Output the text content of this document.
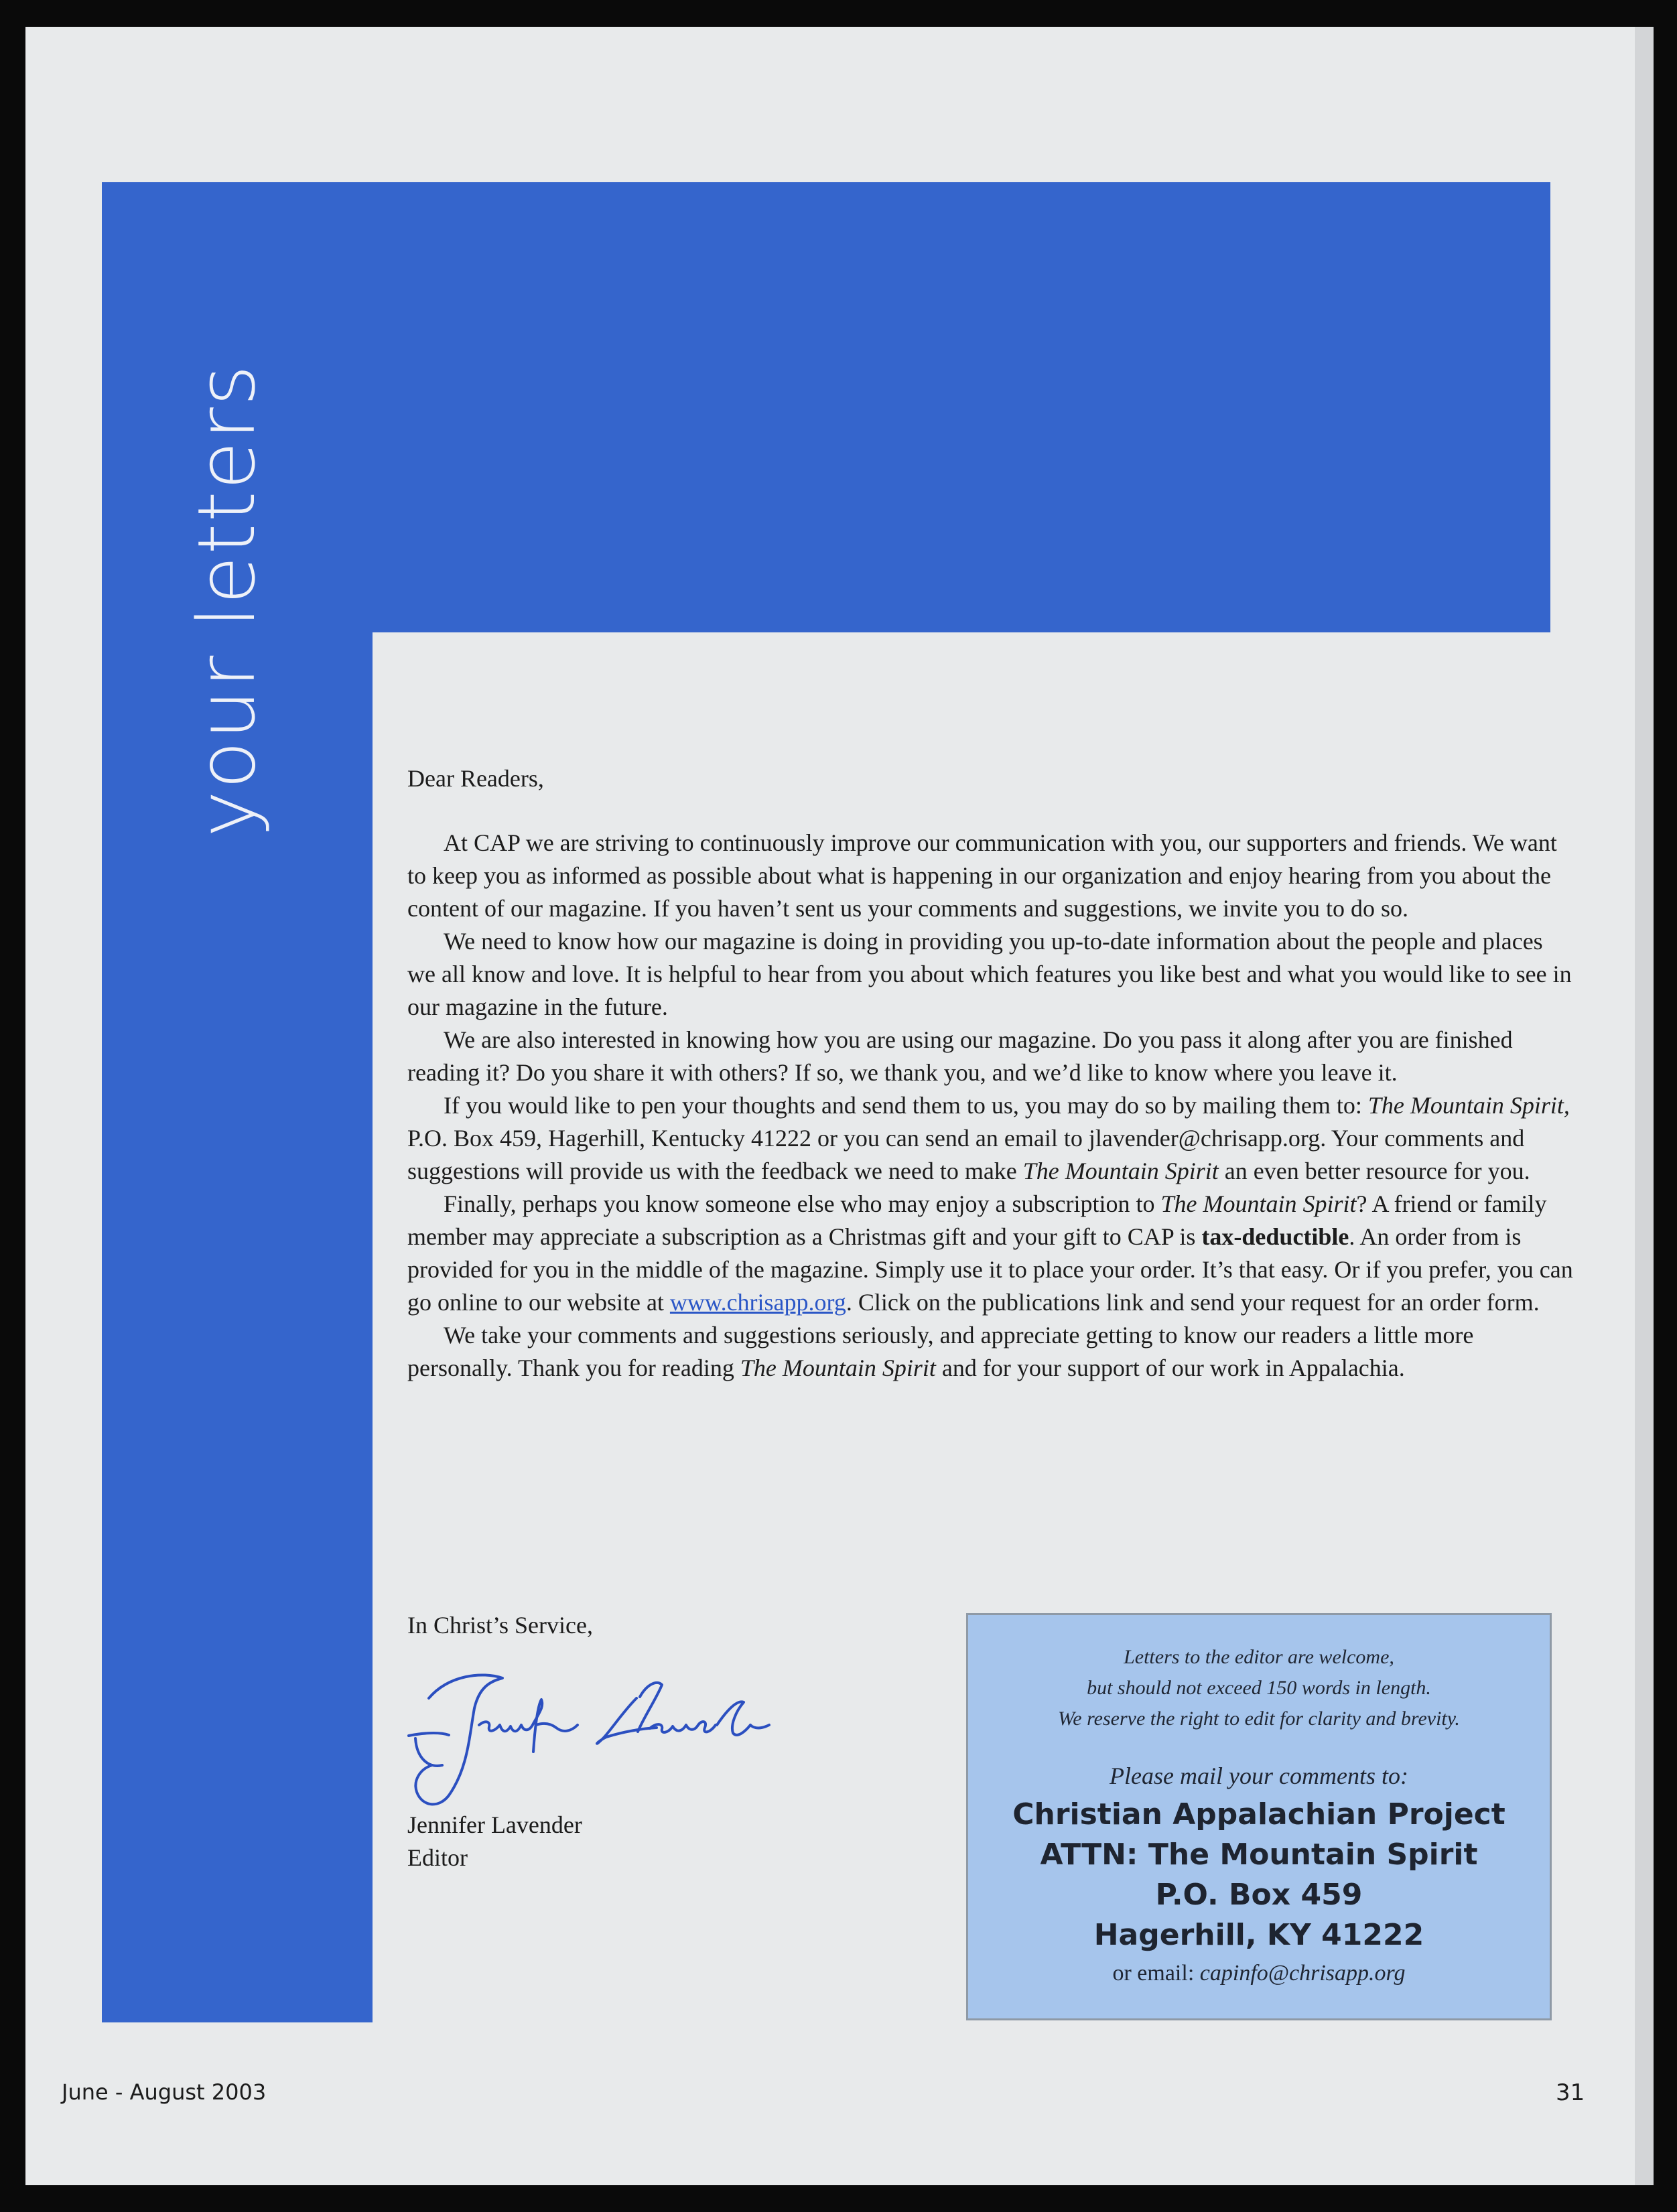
your letters	Dear Readers,

At CAP we are striving to continuously improve our communication with you, our supporters and friends. We want to keep you as informed as possible about what is happening in our organization and enjoy hearing from you about the content of our magazine. If you haven’t sent us your comments and suggestions, we invite you to do so.

We need to know how our magazine is doing in providing you up-to-date information about the people and places we all know and love. It is helpful to hear from you about which features you like best and what you would like to see in our magazine in the future.

We are also interested in knowing how you are using our magazine. Do you pass it along after you are finished reading it? Do you share it with others? If so, we thank you, and we’d like to know where you leave it.

If you would like to pen your thoughts and send them to us, you may do so by mailing them to: The Mountain Spirit, P.O. Box 459, Hagerhill, Kentucky 41222 or you can send an email to jlavender@chrisapp.org. Your comments and suggestions will provide us with the feedback we need to make The Mountain Spirit an even better resource for you.

Finally, perhaps you know someone else who may enjoy a subscription to The Mountain Spirit? A friend or family member may appreciate a subscription as a Christmas gift and your gift to CAP is tax-deductible. An order from is provided for you in the middle of the magazine. Simply use it to place your order. It’s that easy. Or if you prefer, you can go online to our website at www.chrisapp.org. Click on the publications link and send your request for an order form.

We take your comments and suggestions seriously, and appreciate getting to know our readers a little more personally. Thank you for reading The Mountain Spirit and for your support of our work in Appalachia.

In Christ’s Service,
Jennifer Lavender
Editor
Letters to the editor are welcome,
but should not exceed 150 words in length.
We reserve the right to edit for clarity and brevity.
Please mail your comments to:
Christian Appalachian Project
ATTN: The Mountain Spirit
P.O. Box 459
Hagerhill, KY 41222
or email: capinfo@chrisapp.org
June - August 2003	31
